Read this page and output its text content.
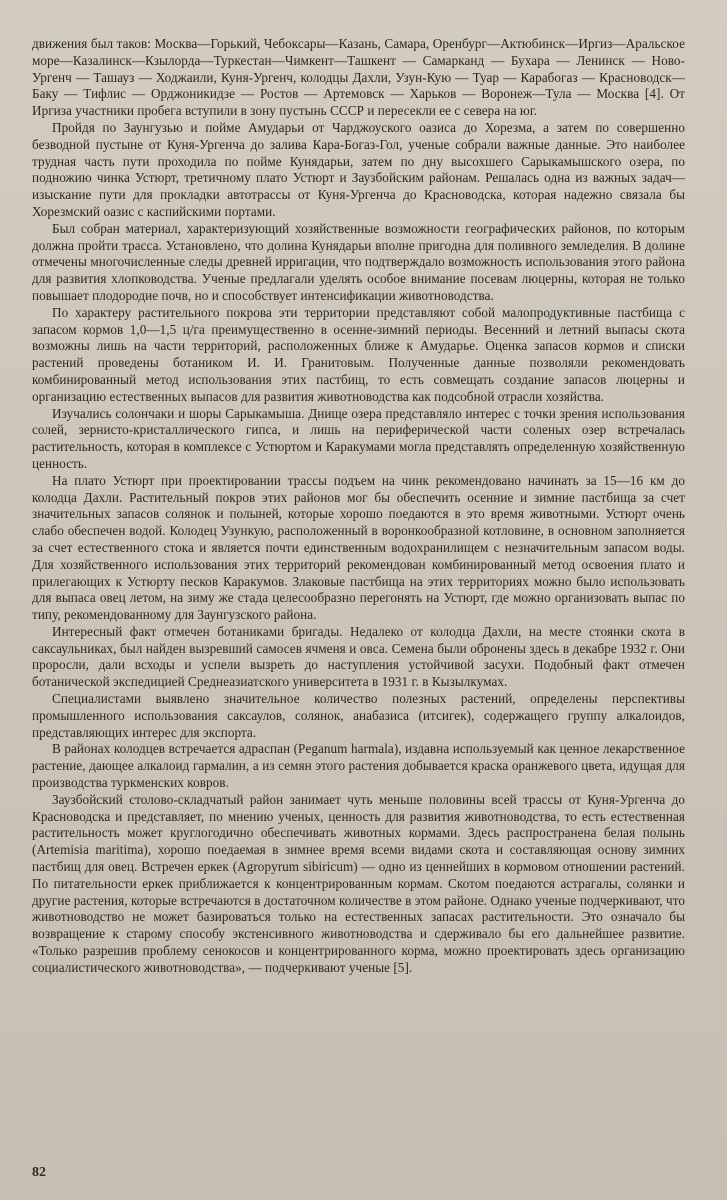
движения был таков: Москва—Горький, Чебоксары—Казань, Самара, Оренбург—Актюбинск—Иргиз—Аральское море—Казалинск—Кзылорда—Туркестан—Чимкент—Ташкент — Самарканд — Бухара — Ленинск — Ново-Ургенч — Ташауз — Ходжаили, Куня-Ургенч, колодцы Дахли, Узун-Кую — Туар — Карабогаз — Красноводск—Баку — Тифлис — Орджоникидзе — Ростов — Артемовск — Харьков — Воронеж—Тула — Москва [4]. От Иргиза участники пробега вступили в зону пустынь СССР и пересекли ее с севера на юг.

Пройдя по Заунгузью и пойме Амударьи от Чарджоуского оазиса до Хорезма, а затем по совершенно безводной пустыне от Куня-Ургенча до залива Кара-Богаз-Гол, ученые собрали важные данные. Это наиболее трудная часть пути проходила по пойме Кунядарьи, затем по дну высохшего Сарыкамышского озера, по подножию чинка Устюрт, третичному плато Устюрт и Заузбойским районам. Решалась одна из важных задач—изыскание пути для прокладки автотрассы от Куня-Ургенча до Красноводска, которая надежно связала бы Хорезмский оазис с каспийскими портами.

Был собран материал, характеризующий хозяйственные возможности географических районов, по которым должна пройти трасса. Установлено, что долина Кунядарьи вполне пригодна для поливного земледелия. В долине отмечены многочисленные следы древней ирригации, что подтверждало возможность использования этого района для развития хлопководства. Ученые предлагали уделять особое внимание посевам люцерны, которая не только повышает плодородие почв, но и способствует интенсификации животноводства.

По характеру растительного покрова эти территории представляют собой малопродуктивные пастбища с запасом кормов 1,0—1,5 ц/га преимущественно в осенне-зимний периоды. Весенний и летний выпасы скота возможны лишь на части территорий, расположенных ближе к Амударье. Оценка запасов кормов и списки растений проведены ботаником И. И. Гранитовым. Полученные данные позволяли рекомендовать комбинированный метод использования этих пастбищ, то есть совмещать создание запасов люцерны и организацию естественных выпасов для развития животноводства как подсобной отрасли хозяйства.

Изучались солончаки и шоры Сарыкамыша. Днище озера представляло интерес с точки зрения использования солей, зернисто-кристаллического гипса, и лишь на периферической части соленых озер встречалась растительность, которая в комплексе с Устюртом и Каракумами могла представлять определенную хозяйственную ценность.

На плато Устюрт при проектировании трассы подъем на чинк рекомендовано начинать за 15—16 км до колодца Дахли. Растительный покров этих районов мог бы обеспечить осенние и зимние пастбища за счет значительных запасов солянок и полыней, которые хорошо поедаются в это время животными. Устюрт очень слабо обеспечен водой. Колодец Узункую, расположенный в воронкообразной котловине, в основном заполняется за счет естественного стока и является почти единственным водохранилищем с незначительным запасом воды. Для хозяйственного использования этих территорий рекомендован комбинированный метод освоения плато и прилегающих к Устюрту песков Каракумов. Злаковые пастбища на этих территориях можно было использовать для выпаса овец летом, на зиму же стада целесообразно перегонять на Устюрт, где можно организовать выпас по типу, рекомендованному для Заунгузского района.

Интересный факт отмечен ботаниками бригады. Недалеко от колодца Дахли, на месте стоянки скота в саксаульниках, был найден вызревший самосев ячменя и овса. Семена были обронены здесь в декабре 1932 г. Они проросли, дали всходы и успели вызреть до наступления устойчивой засухи. Подобный факт отмечен ботанической экспедицией Среднеазиатского университета в 1931 г. в Кызылкумах.

Специалистами выявлено значительное количество полезных растений, определены перспективы промышленного использования саксаулов, солянок, анабазиса (итсигек), содержащего группу алкалоидов, представляющих интерес для экспорта.

В районах колодцев встречается адраспан (Peganum harmala), издавна используемый как ценное лекарственное растение, дающее алкалоид гармалин, а из семян этого растения добывается краска оранжевого цвета, идущая для производства туркменских ковров.

Заузбойский столово-складчатый район занимает чуть меньше половины всей трассы от Куня-Ургенча до Красноводска и представляет, по мнению ученых, ценность для развития животноводства, то есть естественная растительность может круглогодично обеспечивать животных кормами. Здесь распространена белая полынь (Artemisia maritima), хорошо поедаемая в зимнее время всеми видами скота и составляющая основу зимних пастбищ для овец. Встречен еркек (Agropyrum sibiricum) — одно из ценнейших в кормовом отношении растений. По питательности еркек приближается к концентрированным кормам. Скотом поедаются астрагалы, солянки и другие растения, которые встречаются в достаточном количестве в этом районе. Однако ученые подчеркивают, что животноводство не может базироваться только на естественных запасах растительности. Это означало бы возвращение к старому способу экстенсивного животноводства и сдерживало бы его дальнейшее развитие. «Только разрешив проблему сенокосов и концентрированного корма, можно проектировать здесь организацию социалистического животноводства», — подчеркивают ученые [5].

82
